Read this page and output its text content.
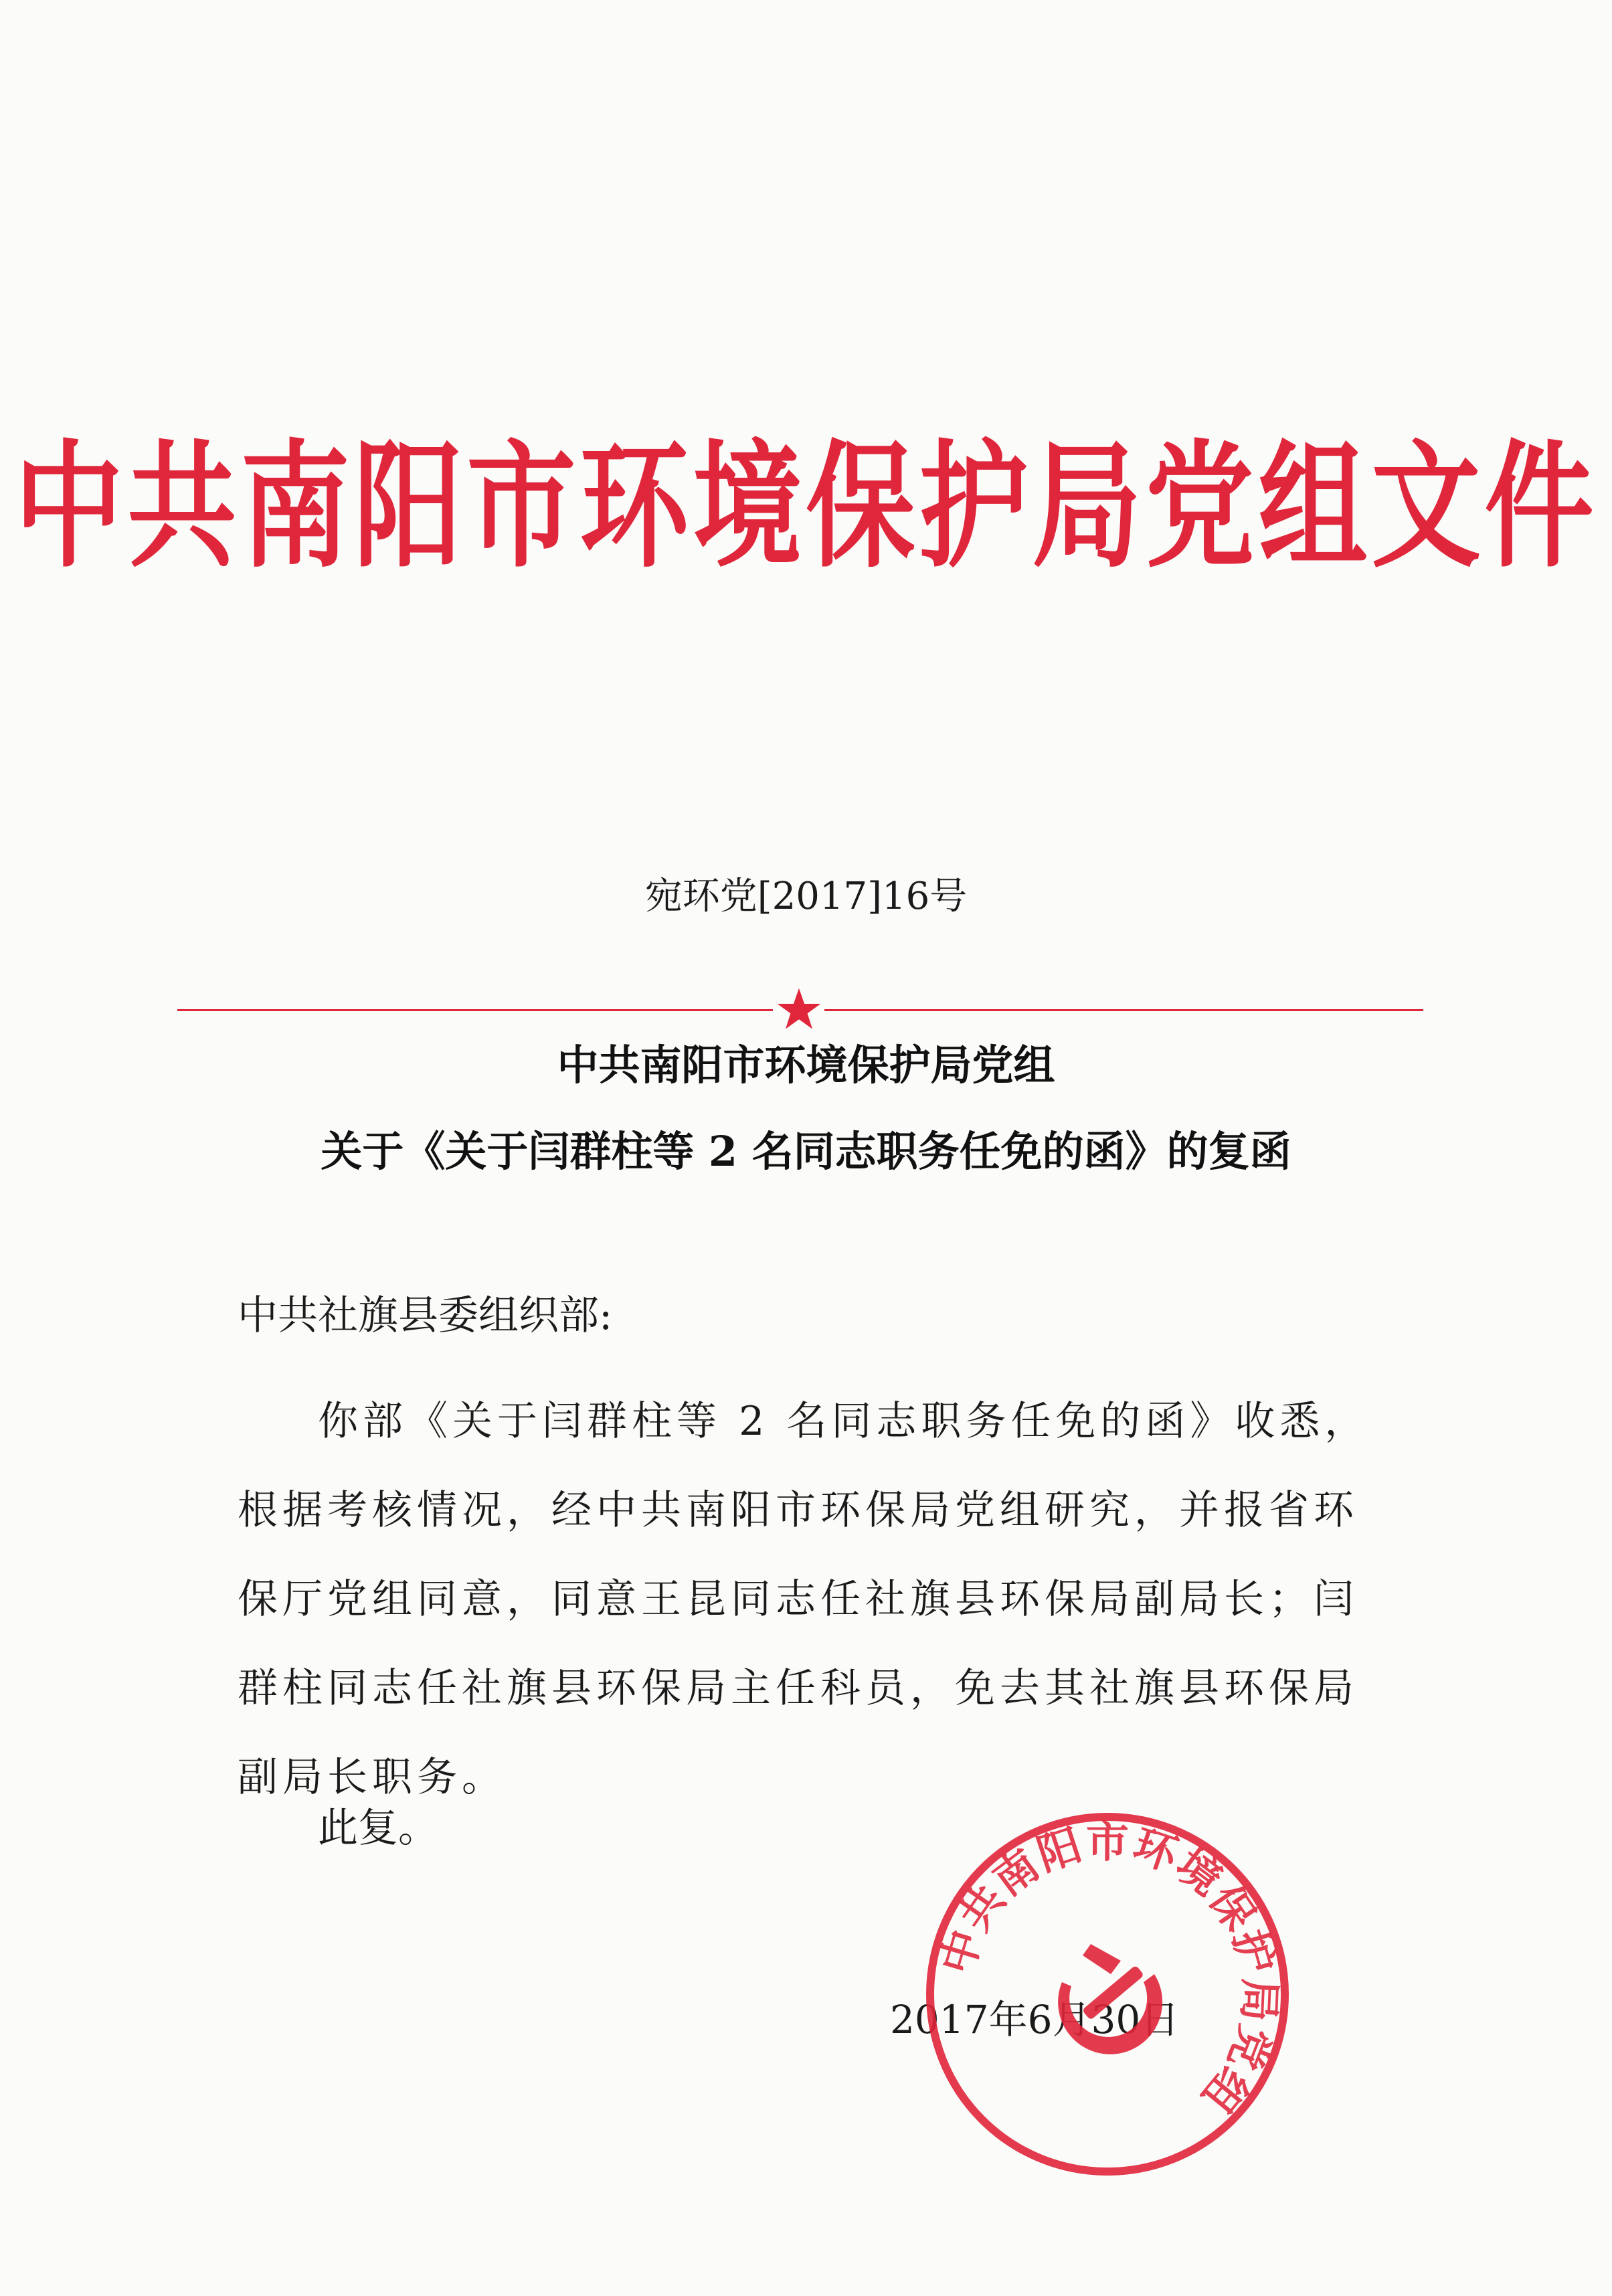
中共南阳市环境保护局党组文件
宛环党[2017]16号
中共南阳市环境保护局党组
关于《关于闫群柱等 2 名同志职务任免的函》的复函
中共社旗县委组织部:
你部《关于闫群柱等 2 名同志职务任免的函》收悉，根据考核情况，经中共南阳市环保局党组研究，并报省环保厅党组同意，同意王昆同志任社旗县环保局副局长；闫群柱同志任社旗县环保局主任科员，免去其社旗县环保局副局长职务。
此复。
2017年6月30日
中共南阳市环境保护局党组
